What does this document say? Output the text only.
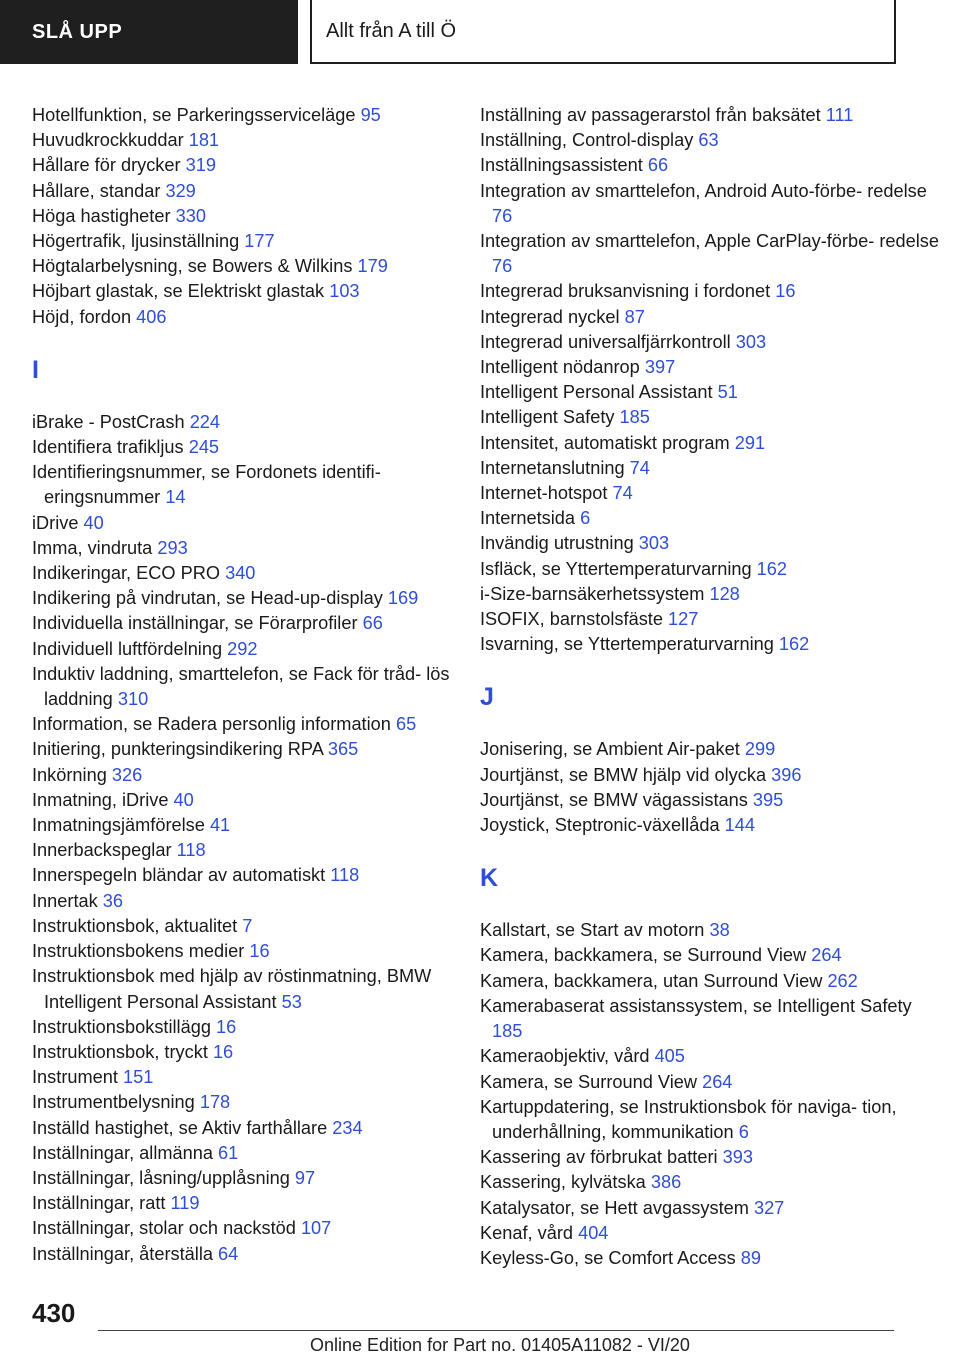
SLÅ UPP	Allt från A till Ö
Hotellfunktion, se Parkeringsserviceläge 95
Huvudkrockkuddar 181
Hållare för drycker 319
Hållare, standar 329
Höga hastigheter 330
Högertrafik, ljusinställning 177
Högtalarbelysning, se Bowers & Wilkins 179
Höjbart glastak, se Elektriskt glastak 103
Höjd, fordon 406
I
iBrake - PostCrash 224
Identifiera trafikljus 245
Identifieringsnummer, se Fordonets identifi‐ eringsnummer 14
iDrive 40
Imma, vindruta 293
Indikeringar, ECO PRO 340
Indikering på vindrutan, se Head-up-display 169
Individuella inställningar, se Förarprofiler 66
Individuell luftfördelning 292
Induktiv laddning, smarttelefon, se Fack för tråd‐ lös laddning 310
Information, se Radera personlig information 65
Initiering, punkteringsindikering RPA 365
Inkörning 326
Inmatning, iDrive 40
Inmatningsjämförelse 41
Innerbackspeglar 118
Innerspegeln bländar av automatiskt 118
Innertak 36
Instruktionsbok, aktualitet 7
Instruktionsbokens medier 16
Instruktionsbok med hjälp av röstinmatning, BMW Intelligent Personal Assistant 53
Instruktionsbokstillägg 16
Instruktionsbok, tryckt 16
Instrument 151
Instrumentbelysning 178
Inställd hastighet, se Aktiv farthållare 234
Inställningar, allmänna 61
Inställningar, låsning/upplåsning 97
Inställningar, ratt 119
Inställningar, stolar och nackstöd 107
Inställningar, återställa 64
Inställning av passagerarstol från baksätet 111
Inställning, Control-display 63
Inställningsassistent 66
Integration av smarttelefon, Android Auto-förbe‐ redelse 76
Integration av smarttelefon, Apple CarPlay-förbe‐ redelse 76
Integrerad bruksanvisning i fordonet 16
Integrerad nyckel 87
Integrerad universalfjärrkontroll 303
Intelligent nödanrop 397
Intelligent Personal Assistant 51
Intelligent Safety 185
Intensitet, automatiskt program 291
Internetanslutning 74
Internet-hotspot 74
Internetsida 6
Invändig utrustning 303
Isfläck, se Yttertemperaturvarning 162
i-Size-barnsäkerhetssystem 128
ISOFIX, barnstolsfäste 127
Isvarning, se Yttertemperaturvarning 162
J
Jonisering, se Ambient Air-paket 299
Jourtjänst, se BMW hjälp vid olycka 396
Jourtjänst, se BMW vägassistans 395
Joystick, Steptronic-växellåda 144
K
Kallstart, se Start av motorn 38
Kamera, backkamera, se Surround View 264
Kamera, backkamera, utan Surround View 262
Kamerabaserat assistanssystem, se Intelligent Safety 185
Kameraobjektiv, vård 405
Kamera, se Surround View 264
Kartuppdatering, se Instruktionsbok för naviga‐ tion, underhållning, kommunikation 6
Kassering av förbrukat batteri 393
Kassering, kylvätska 386
Katalysator, se Hett avgassystem 327
Kenaf, vård 404
Keyless-Go, se Comfort Access 89
430
Online Edition for Part no. 01405A11082 - VI/20
